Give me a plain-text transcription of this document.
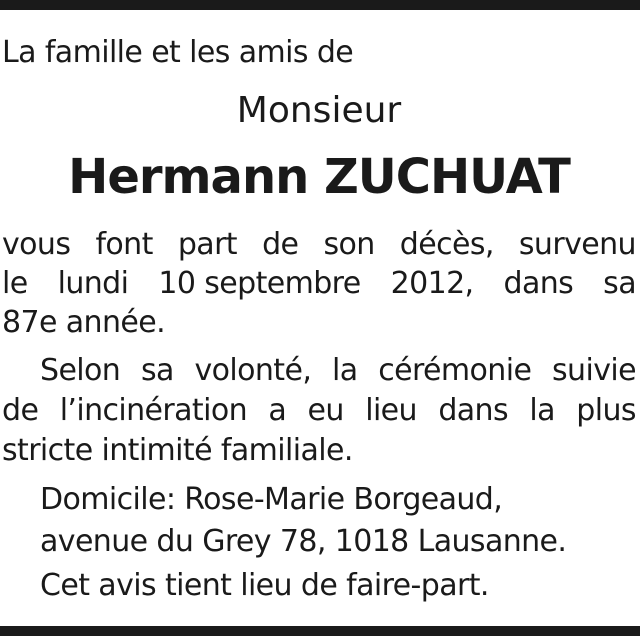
La famille et les amis de
Monsieur
Hermann ZUCHUAT
vous font part de son décès, survenu
le lundi 10 septembre 2012, dans sa
87e année.
Selon sa volonté, la cérémonie suivie
de l’incinération a eu lieu dans la plus
stricte intimité familiale.
Domicile: Rose-Marie Borgeaud,
avenue du Grey 78, 1018 Lausanne.
Cet avis tient lieu de faire-part.
